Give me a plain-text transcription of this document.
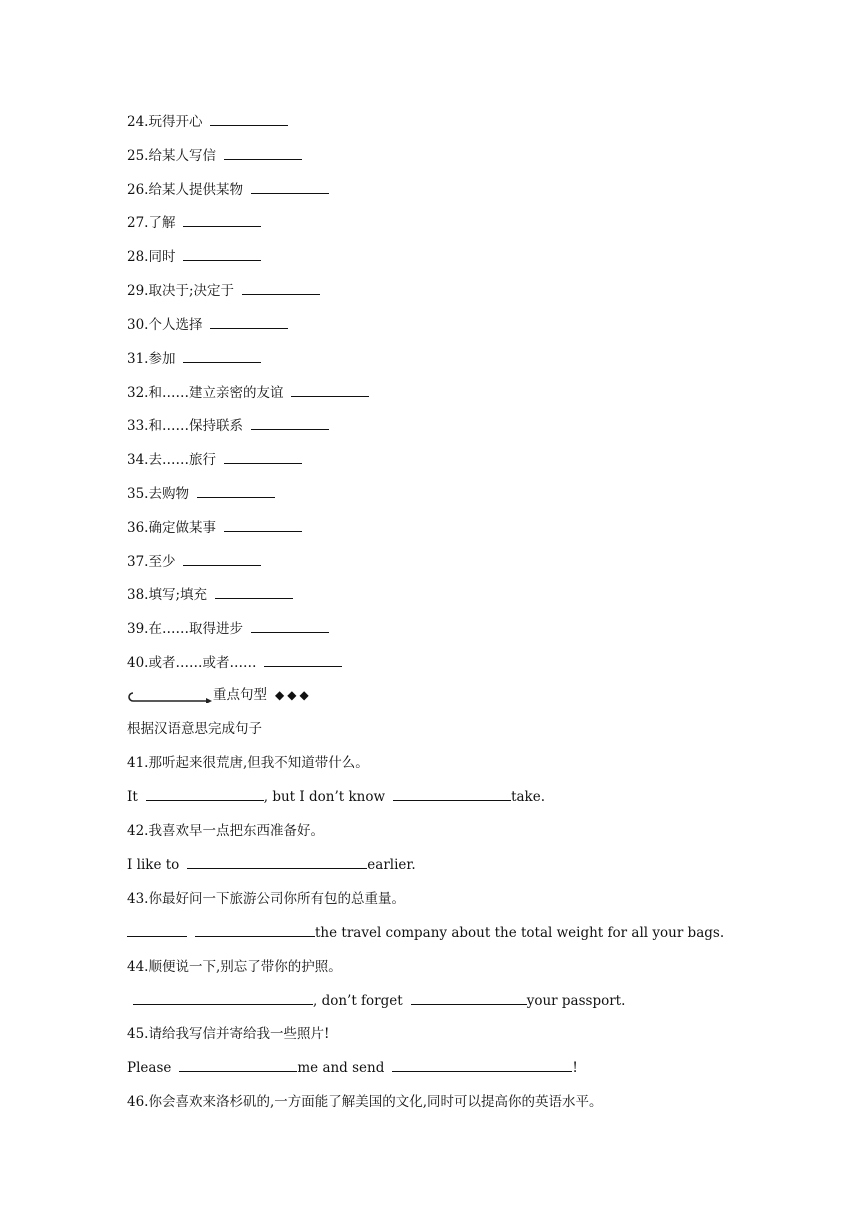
24.玩得开心
25.给某人写信
26.给某人提供某物
27.了解
28.同时
29.取决于;决定于
30.个人选择
31.参加
32.和……建立亲密的友谊
33.和……保持联系
34.去……旅行
35.去购物
36.确定做某事
37.至少
38.填写;填充
39.在……取得进步
40.或者……或者……
重点句型 ◆◆◆
根据汉语意思完成句子
41.那听起来很荒唐,但我不知道带什么。
It	, but I don’t know	take.
42.我喜欢早一点把东西准备好。
I like to	earlier.
43.你最好问一下旅游公司你所有包的总重量。
the travel company about the total weight for all your bags.
44.顺便说一下,别忘了带你的护照。
, don’t forget	your passport.
45.请给我写信并寄给我一些照片!
Please	me and send	!
46.你会喜欢来洛杉矶的,一方面能了解美国的文化,同时可以提高你的英语水平。
